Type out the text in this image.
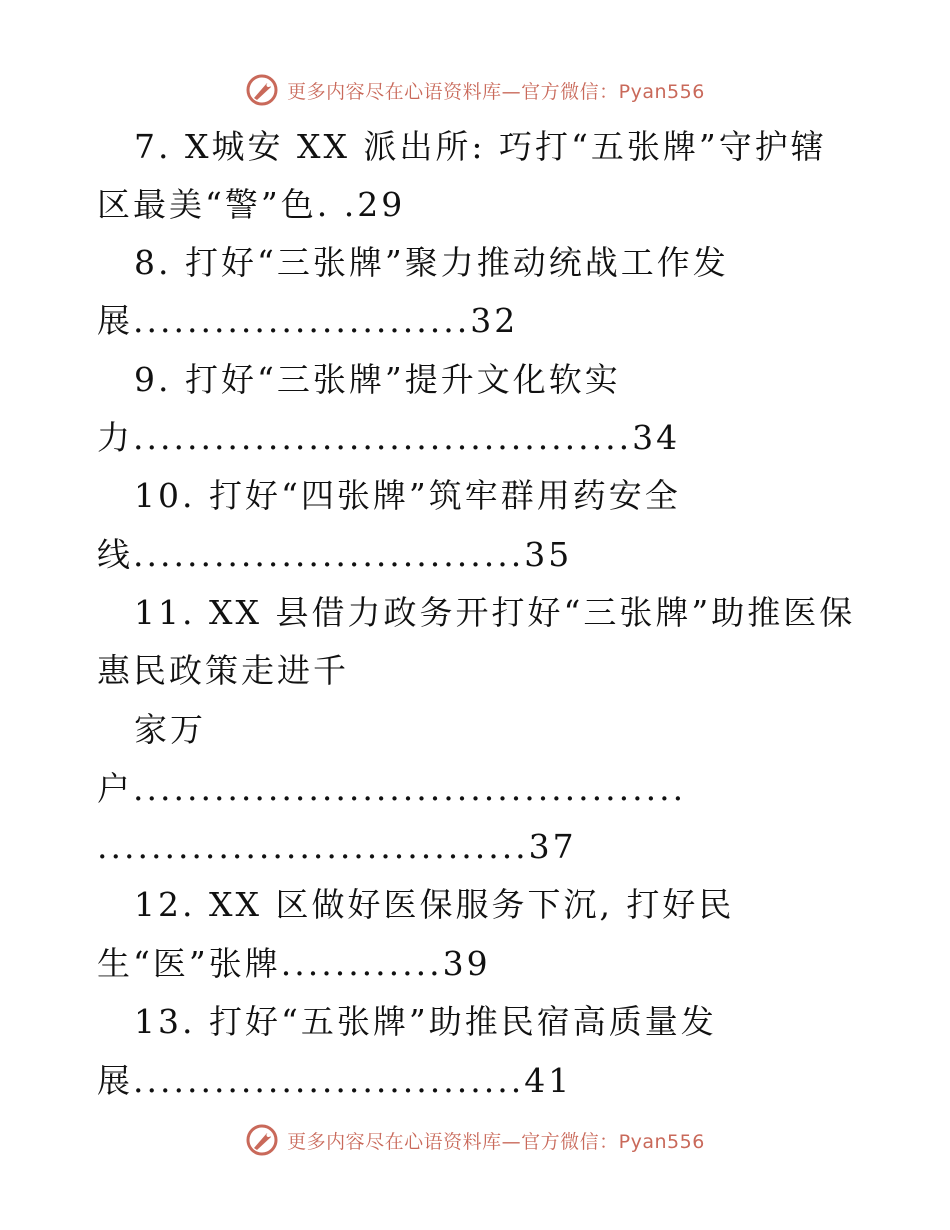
更多内容尽在心语资料库—官方微信：Pyan556
7. X城安 XX 派出所: 巧打“五张牌”守护辖
区最美“警”色. .29
8. 打好“三张牌”聚力推动统战工作发
展.........................32
9. 打好“三张牌”提升文化软实
力.....................................34
10. 打好“四张牌”筑牢群用药安全
线.............................35
11. XX 县借力政务开打好“三张牌”助推医保
惠民政策走进千
家万
户.........................................
................................37
12. XX 区做好医保服务下沉, 打好民
生“医”张牌............39
13. 打好“五张牌”助推民宿高质量发
展.............................41
更多内容尽在心语资料库—官方微信：Pyan556
